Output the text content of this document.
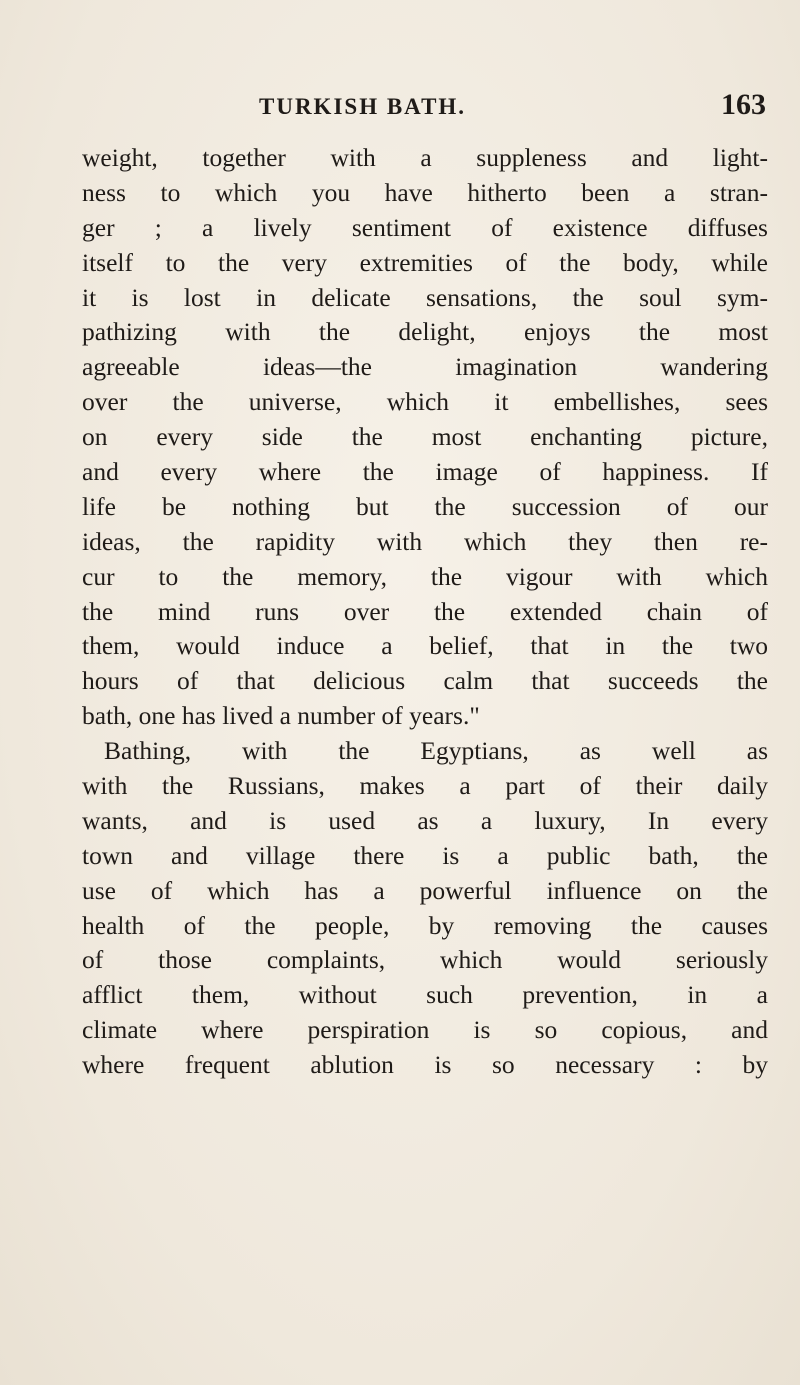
TURKISH BATH.	163
weight, together with a suppleness and light-
ness to which you have hitherto been a stran-
ger ; a lively sentiment of existence diffuses
itself to the very extremities of the body, while
it is lost in delicate sensations, the soul sym-
pathizing with the delight, enjoys the most
agreeable ideas—the imagination wandering
over the universe, which it embellishes, sees
on every side the most enchanting picture,
and every where the image of happiness. If
life be nothing but the succession of our
ideas, the rapidity with which they then re-
cur to the memory, the vigour with which
the mind runs over the extended chain of
them, would induce a belief, that in the two
hours of that delicious calm that succeeds the
bath, one has lived a number of years."
Bathing, with the Egyptians, as well as
with the Russians, makes a part of their daily
wants, and is used as a luxury, In every
town and village there is a public bath, the
use of which has a powerful influence on the
health of the people, by removing the causes
of those complaints, which would seriously
afflict them, without such prevention, in a
climate where perspiration is so copious, and
where frequent ablution is so necessary : by
